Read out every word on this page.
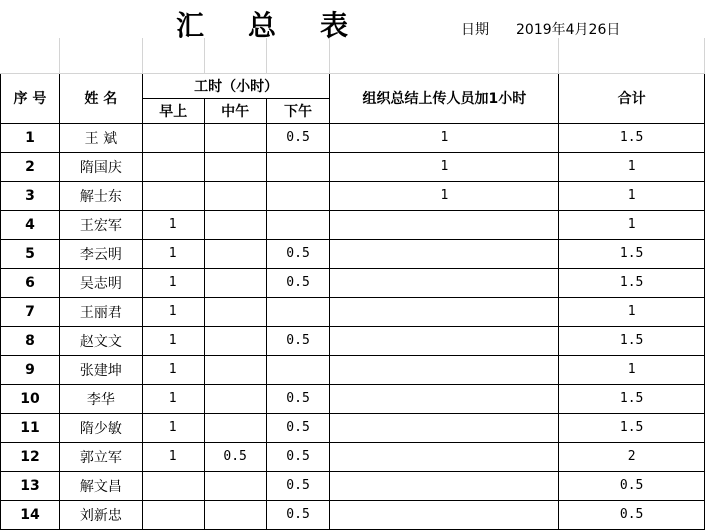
汇    总    表	日期 2019年4月26日

序 号	姓 名	工时（小时）			组织总结上传人员加1小时	合计
		早上	中午	下午		
1	王 斌			0.5	1	1.5
2	隋国庆				1	1
3	解士东				1	1
4	王宏军	1				1
5	李云明	1		0.5		1.5
6	吴志明	1		0.5		1.5
7	王丽君	1				1
8	赵文文	1		0.5		1.5
9	张建坤	1				1
10	李华	1		0.5		1.5
11	隋少敏	1		0.5		1.5
12	郭立军	1	0.5	0.5		2
13	解文昌			0.5		0.5
14	刘新忠			0.5		0.5
